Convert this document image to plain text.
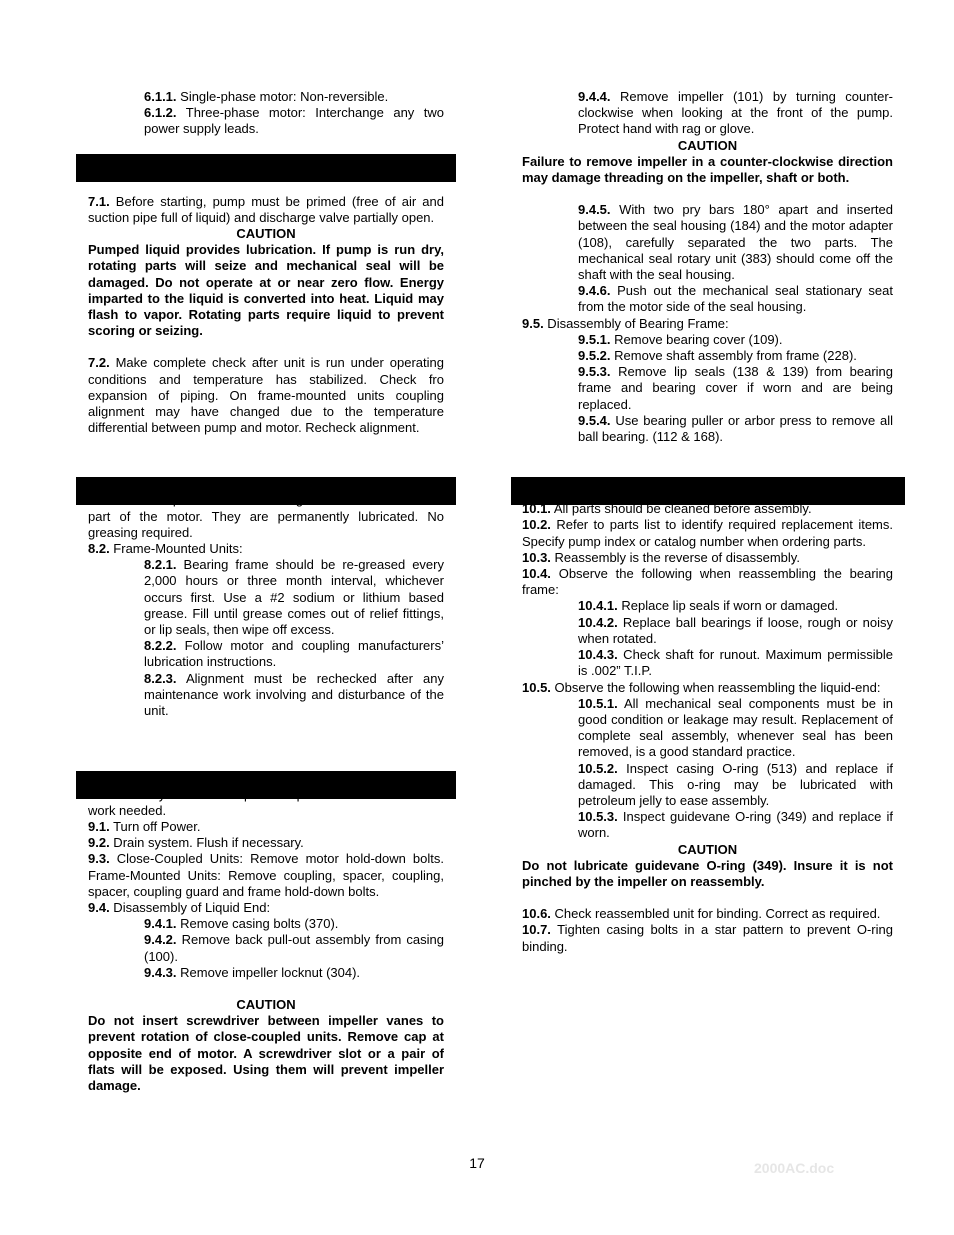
6.1.1. Single-phase motor: Non-reversible.

6.1.2. Three-phase motor: Interchange any two power supply leads.

7.1. Before starting, pump must be primed (free of air and suction pipe full of liquid) and discharge valve partially open.

CAUTION

Pumped liquid provides lubrication. If pump is run dry, rotating parts will seize and mechanical seal will be damaged. Do not operate at or near zero flow. Energy imparted to the liquid is converted into heat. Liquid may flash to vapor. Rotating parts require liquid to prevent scoring or seizing.

7.2. Make complete check after unit is run under operating conditions and temperature has stabilized. Check fro expansion of piping. On frame-mounted units coupling alignment may have changed due to the temperature differential between pump and motor. Recheck alignment.

8.1. Close-coupled Unit. Ball bearings are located in and are part of the motor. They are permanently lubricated. No greasing required.

8.2. Frame-Mounted Units:

8.2.1. Bearing frame should be re-greased every 2,000 hours or three month interval, whichever occurs first. Use a #2 sodium or lithium based grease. Fill until grease comes out of relief fittings, or lip seals, then wipe off excess.

8.2.2. Follow motor and coupling manufacturers’ lubrication instructions.

8.2.3. Alignment must be rechecked after any maintenance work involving and disturbance of the unit.

Complete disassembly of the product will be described. Proceed only as far as required to perform the maintenance work needed.

9.1. Turn off Power.

9.2. Drain system. Flush if necessary.

9.3. Close-Coupled Units: Remove motor hold-down bolts. Frame-Mounted Units: Remove coupling, spacer, coupling, spacer, coupling guard and frame hold-down bolts.

9.4. Disassembly of Liquid End:

9.4.1. Remove casing bolts (370).

9.4.2. Remove back pull-out assembly from casing (100).

9.4.3. Remove impeller locknut (304).

CAUTION

Do not insert screwdriver between impeller vanes to prevent rotation of close-coupled units. Remove cap at opposite end of motor. A screwdriver slot or a pair of flats will be exposed. Using them will prevent impeller damage.

9.4.4. Remove impeller (101) by turning counter-clockwise when looking at the front of the pump. Protect hand with rag or glove.

CAUTION

Failure to remove impeller in a counter-clockwise direction may damage threading on the impeller, shaft or both.

9.4.5. With two pry bars 180° apart and inserted between the seal housing (184) and the motor adapter (108), carefully separated the two parts. The mechanical seal rotary unit (383) should come off the shaft with the seal housing.

9.4.6. Push out the mechanical seal stationary seat from the motor side of the seal housing.

9.5. Disassembly of Bearing Frame:

9.5.1. Remove bearing cover (109).

9.5.2. Remove shaft assembly from frame (228).

9.5.3. Remove lip seals (138 & 139) from bearing frame and bearing cover if worn and are being replaced.

9.5.4. Use bearing puller or arbor press to remove all ball bearing. (112 & 168).

10.1. All parts should be cleaned before assembly.

10.2. Refer to parts list to identify required replacement items. Specify pump index or catalog number when ordering parts.

10.3. Reassembly is the reverse of disassembly.

10.4. Observe the following when reassembling the bearing frame:

10.4.1. Replace lip seals if worn or damaged.

10.4.2. Replace ball bearings if loose, rough or noisy when rotated.

10.4.3. Check shaft for runout. Maximum permissible is .002” T.I.P.

10.5. Observe the following when reassembling the liquid-end:

10.5.1. All mechanical seal components must be in good condition or leakage may result. Replacement of complete seal assembly, whenever seal has been removed, is a good standard practice.

10.5.2. Inspect casing O-ring (513) and replace if damaged. This o-ring may be lubricated with petroleum jelly to ease assembly.

10.5.3. Inspect guidevane O-ring (349) and replace if worn.

CAUTION

Do not lubricate guidevane O-ring (349). Insure it is not pinched by the impeller on reassembly.

10.6. Check reassembled unit for binding. Correct as required.

10.7. Tighten casing bolts in a star pattern to prevent O-ring binding.

17	2000AC.doc
